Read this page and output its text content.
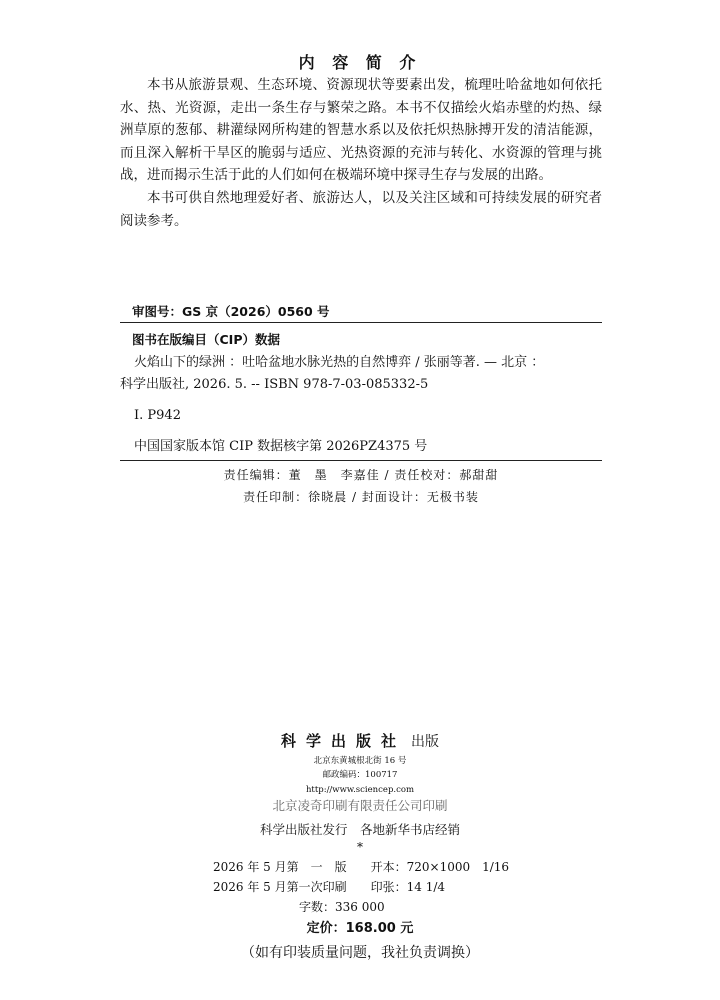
内 容 简 介

本书从旅游景观、生态环境、资源现状等要素出发，梳理吐哈盆地如何依托水、热、光资源，走出一条生存与繁荣之路。本书不仅描绘火焰赤壁的灼热、绿洲草原的葱郁、耕灌绿网所构建的智慧水系以及依托炽热脉搏开发的清洁能源，而且深入解析干旱区的脆弱与适应、光热资源的充沛与转化、水资源的管理与挑战，进而揭示生活于此的人们如何在极端环境中探寻生存与发展的出路。

本书可供自然地理爱好者、旅游达人，以及关注区域和可持续发展的研究者阅读参考。

审图号：GS 京（2026）0560 号
图书在版编目（CIP）数据
火焰山下的绿洲 ：吐哈盆地水脉光热的自然博弈 / 张丽等著. — 北京 ：
科学出版社, 2026. 5. -- ISBN 978-7-03-085332-5
Ⅰ. P942
中国国家版本馆 CIP 数据核字第 2026PZ4375 号
责任编辑：董　墨　李嘉佳 / 责任校对：郝甜甜
责任印制：徐晓晨 / 封面设计：无极书装
科学出版社 出版
北京东黄城根北街 16 号
邮政编码：100717
http://www.sciencep.com
北京凌奇印刷有限责任公司印刷
科学出版社发行　各地新华书店经销
*
2026 年 5 月第　一　版　　开本：720×1000　1/16
2026 年 5 月第一次印刷　　印张：14 1/4
字数：336 000
定价：168.00 元
（如有印装质量问题，我社负责调换）
